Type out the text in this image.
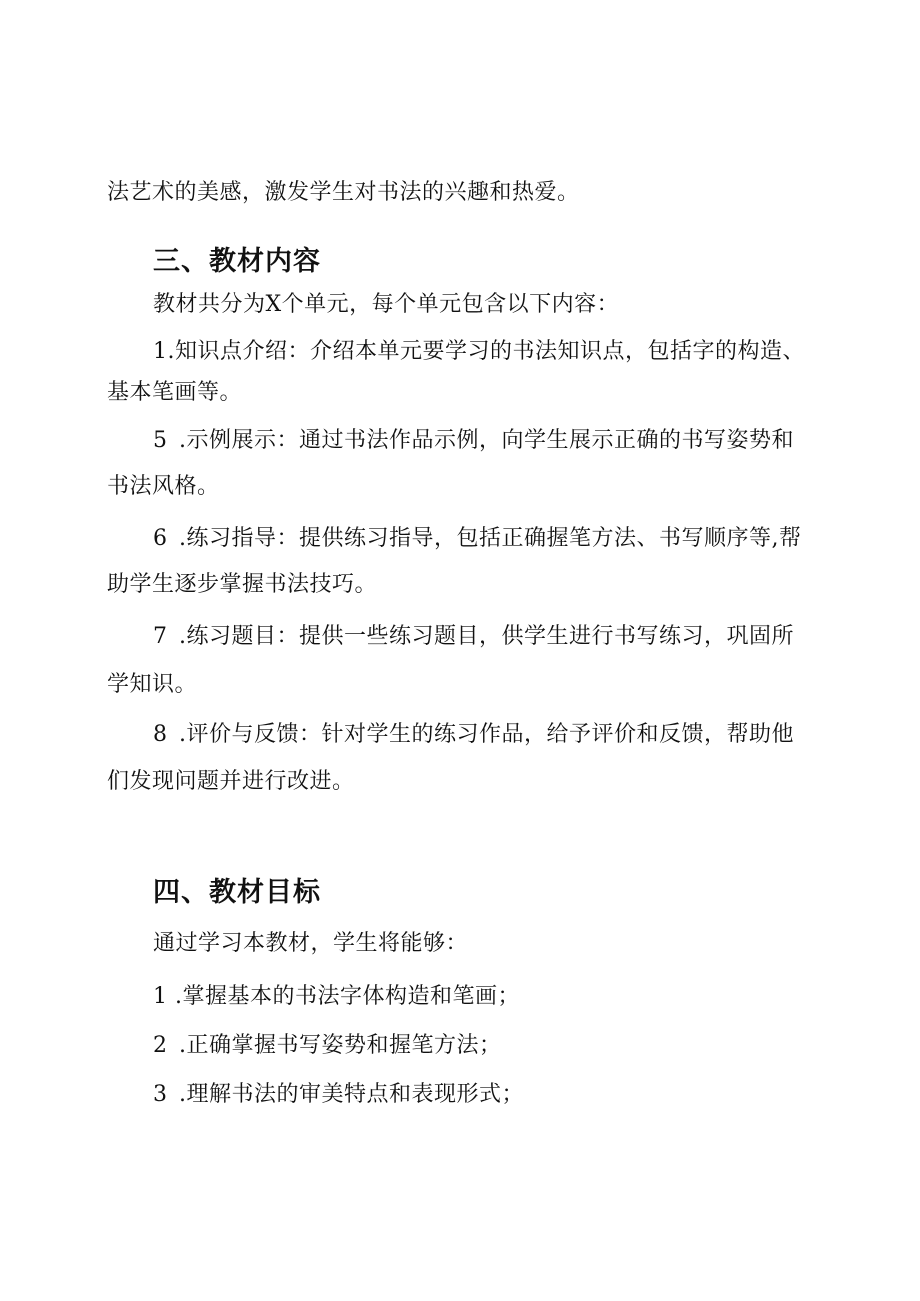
法艺术的美感，激发学生对书法的兴趣和热爱。
三、教材内容
教材共分为X个单元，每个单元包含以下内容：
1.知识点介绍：介绍本单元要学习的书法知识点，包括字的构造、
基本笔画等。
5 .示例展示：通过书法作品示例，向学生展示正确的书写姿势和
书法风格。
6 .练习指导：提供练习指导，包括正确握笔方法、书写顺序等,帮
助学生逐步掌握书法技巧。
7 .练习题目：提供一些练习题目，供学生进行书写练习，巩固所
学知识。
8 .评价与反馈：针对学生的练习作品，给予评价和反馈，帮助他
们发现问题并进行改进。
四、教材目标
通过学习本教材，学生将能够：
1 .掌握基本的书法字体构造和笔画；
2 .正确掌握书写姿势和握笔方法；
3 .理解书法的审美特点和表现形式；
